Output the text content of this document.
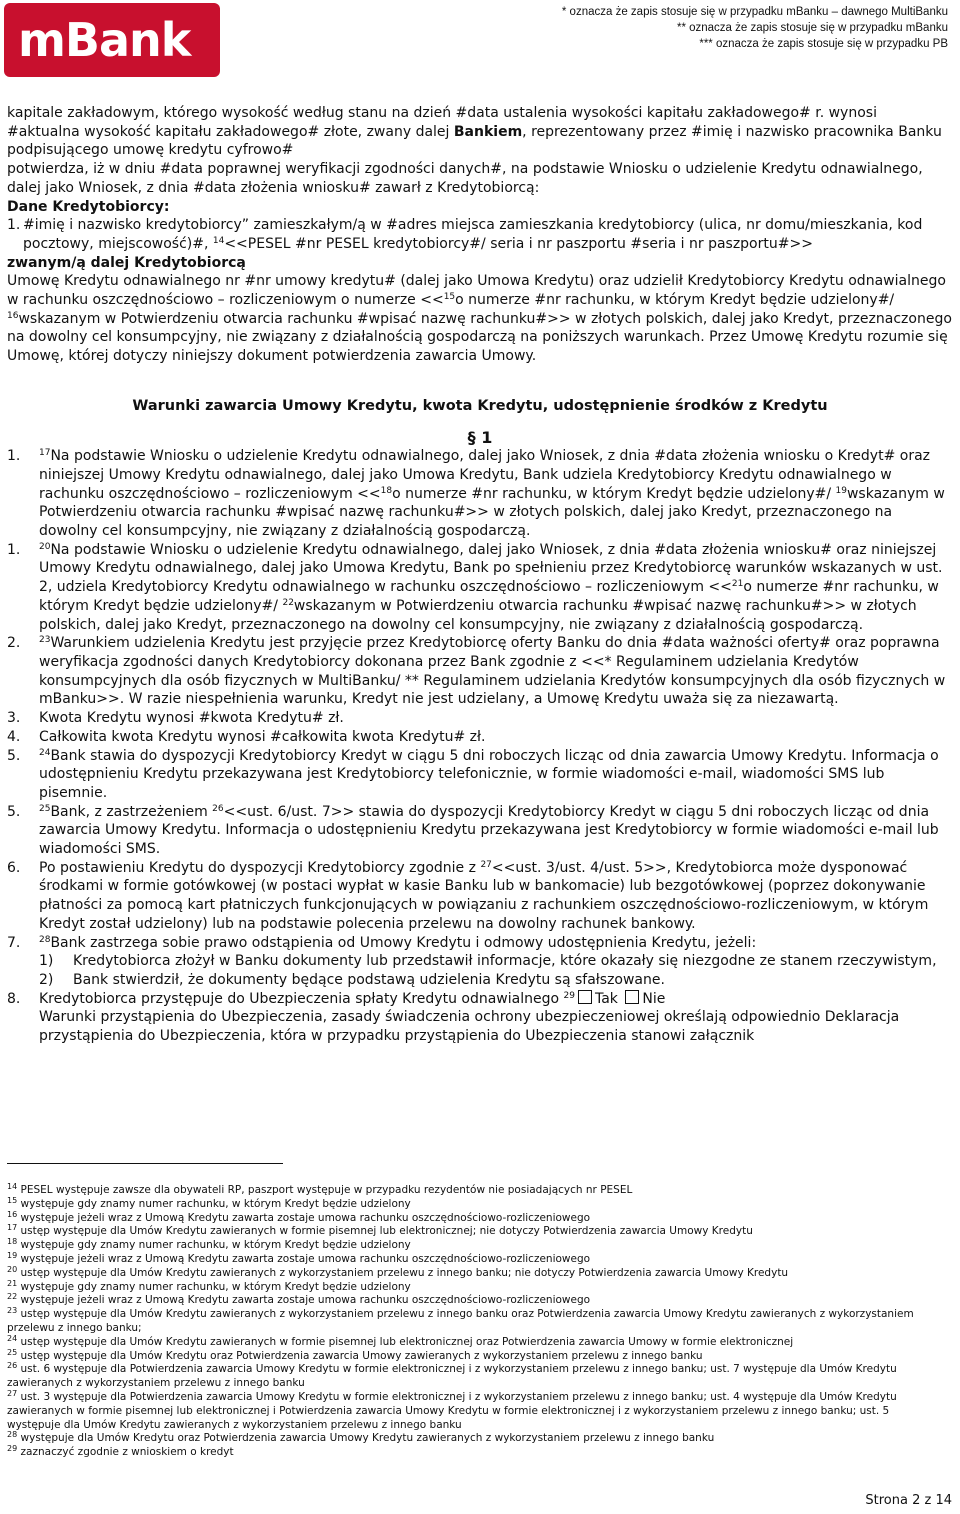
mBank
* oznacza że zapis stosuje się w przypadku mBanku – dawnego MultiBanku
** oznacza że zapis stosuje się w przypadku mBanku
*** oznacza że zapis stosuje się w przypadku PB

kapitale zakładowym, którego wysokość według stanu na dzień #data ustalenia wysokości kapitału zakładowego# r. wynosi #aktualna wysokość kapitału zakładowego# złote, zwany dalej Bankiem, reprezentowany przez #imię i nazwisko pracownika Banku podpisującego umowę kredytu cyfrowo#

potwierdza, iż w dniu #data poprawnej weryfikacji zgodności danych#, na podstawie Wniosku o udzielenie Kredytu odnawialnego, dalej jako Wniosek, z dnia #data złożenia wniosku# zawarł z Kredytobiorcą:

Dane Kredytobiorcy:

1. #imię i nazwisko kredytobiorcy” zamieszkałym/ą w #adres miejsca zamieszkania kredytobiorcy (ulica, nr domu/mieszkania, kod pocztowy, miejscowość)#, $^{14}$<<PESEL #nr PESEL kredytobiorcy#/ seria i nr paszportu #seria i nr paszportu#>>

zwanym/ą dalej Kredytobiorcą

Umowę Kredytu odnawialnego nr #nr umowy kredytu# (dalej jako Umowa Kredytu) oraz udzielił Kredytobiorcy Kredytu odnawialnego w rachunku oszczędnościowo – rozliczeniowym o numerze <<$^{15}$o numerze #nr rachunku, w którym Kredyt będzie udzielony#/ $^{16}$wskazanym w Potwierdzeniu otwarcia rachunku #wpisać nazwę rachunku#>> w złotych polskich, dalej jako Kredyt, przeznaczonego na dowolny cel konsumpcyjny, nie związany z działalnością gospodarczą na poniższych warunkach. Przez Umowę Kredytu rozumie się Umowę, której dotyczy niniejszy dokument potwierdzenia zawarcia Umowy.

Warunki zawarcia Umowy Kredytu, kwota Kredytu, udostępnienie środków z Kredytu

§ 1

1.	$^{17}$Na podstawie Wniosku o udzielenie Kredytu odnawialnego, dalej jako Wniosek, z dnia #data złożenia wniosku o Kredyt# oraz niniejszej Umowy Kredytu odnawialnego, dalej jako Umowa Kredytu, Bank udziela Kredytobiorcy Kredytu odnawialnego w rachunku oszczędnościowo – rozliczeniowym <<$^{18}$o numerze #nr rachunku, w którym Kredyt będzie udzielony#/ $^{19}$wskazanym w Potwierdzeniu otwarcia rachunku #wpisać nazwę rachunku#>> w złotych polskich, dalej jako Kredyt, przeznaczonego na dowolny cel konsumpcyjny, nie związany z działalnością gospodarczą.
1.	$^{20}$Na podstawie Wniosku o udzielenie Kredytu odnawialnego, dalej jako Wniosek, z dnia #data złożenia wniosku# oraz niniejszej Umowy Kredytu odnawialnego, dalej jako Umowa Kredytu, Bank po spełnieniu przez Kredytobiorcę warunków wskazanych w ust. 2, udziela Kredytobiorcy Kredytu odnawialnego w rachunku oszczędnościowo – rozliczeniowym <<$^{21}$o numerze #nr rachunku, w którym Kredyt będzie udzielony#/ $^{22}$wskazanym w Potwierdzeniu otwarcia rachunku #wpisać nazwę rachunku#>> w złotych polskich, dalej jako Kredyt, przeznaczonego na dowolny cel konsumpcyjny, nie związany z działalnością gospodarczą.
2.	$^{23}$Warunkiem udzielenia Kredytu jest przyjęcie przez Kredytobiorcę oferty Banku do dnia #data ważności oferty# oraz poprawna weryfikacja zgodności danych Kredytobiorcy dokonana przez Bank zgodnie z <<* Regulaminem udzielania Kredytów konsumpcyjnych dla osób fizycznych w MultiBanku/ ** Regulaminem udzielania Kredytów konsumpcyjnych dla osób fizycznych w mBanku>>. W razie niespełnienia warunku, Kredyt nie jest udzielany, a Umowę Kredytu uważa się za niezawartą.
3.	Kwota Kredytu wynosi #kwota Kredytu# zł.
4.	Całkowita kwota Kredytu wynosi #całkowita kwota Kredytu# zł.
5.	$^{24}$Bank stawia do dyspozycji Kredytobiorcy Kredyt w ciągu 5 dni roboczych licząc od dnia zawarcia Umowy Kredytu. Informacja o udostępnieniu Kredytu przekazywana jest Kredytobiorcy telefonicznie, w formie wiadomości e-mail, wiadomości SMS lub pisemnie.
5.	$^{25}$Bank, z zastrzeżeniem $^{26}$<<ust. 6/ust. 7>> stawia do dyspozycji Kredytobiorcy Kredyt w ciągu 5 dni roboczych licząc od dnia zawarcia Umowy Kredytu. Informacja o udostępnieniu Kredytu przekazywana jest Kredytobiorcy w formie wiadomości e-mail lub wiadomości SMS.
6.	Po postawieniu Kredytu do dyspozycji Kredytobiorcy zgodnie z $^{27}$<<ust. 3/ust. 4/ust. 5>>, Kredytobiorca może dysponować środkami w formie gotówkowej (w postaci wypłat w kasie Banku lub w bankomacie) lub bezgotówkowej (poprzez dokonywanie płatności za pomocą kart płatniczych funkcjonujących w powiązaniu z rachunkiem oszczędnościowo-rozliczeniowym, w którym Kredyt został udzielony) lub na podstawie polecenia przelewu na dowolny rachunek bankowy.
7.	$^{28}$Bank zastrzega sobie prawo odstąpienia od Umowy Kredytu i odmowy udostępnienia Kredytu, jeżeli:
1)	Kredytobiorca złożył w Banku dokumenty lub przedstawił informacje, które okazały się niezgodne ze stanem rzeczywistym,
2)	Bank stwierdził, że dokumenty będące podstawą udzielenia Kredytu są sfałszowane.
8.	Kredytobiorca przystępuje do Ubezpieczenia spłaty Kredytu odnawialnego $^{29}$ Tak Nie
Warunki przystąpienia do Ubezpieczenia, zasady świadczenia ochrony ubezpieczeniowej określają odpowiednio Deklaracja przystąpienia do Ubezpieczenia, która w przypadku przystąpienia do Ubezpieczenia stanowi załącznik
$^{14}$ PESEL występuje zawsze dla obywateli RP, paszport występuje w przypadku rezydentów nie posiadających nr PESEL
$^{15}$ występuje gdy znamy numer rachunku, w którym Kredyt będzie udzielony
$^{16}$ występuje jeżeli wraz z Umową Kredytu zawarta zostaje umowa rachunku oszczędnościowo-rozliczeniowego
$^{17}$ ustęp występuje dla Umów Kredytu zawieranych w formie pisemnej lub elektronicznej; nie dotyczy Potwierdzenia zawarcia Umowy Kredytu
$^{18}$ występuje gdy znamy numer rachunku, w którym Kredyt będzie udzielony
$^{19}$ występuje jeżeli wraz z Umową Kredytu zawarta zostaje umowa rachunku oszczędnościowo-rozliczeniowego
$^{20}$ ustęp występuje dla Umów Kredytu zawieranych z wykorzystaniem przelewu z innego banku; nie dotyczy Potwierdzenia zawarcia Umowy Kredytu
$^{21}$ występuje gdy znamy numer rachunku, w którym Kredyt będzie udzielony
$^{22}$ występuje jeżeli wraz z Umową Kredytu zawarta zostaje umowa rachunku oszczędnościowo-rozliczeniowego
$^{23}$ ustęp występuje dla Umów Kredytu zawieranych z wykorzystaniem przelewu z innego banku oraz Potwierdzenia zawarcia Umowy Kredytu zawieranych z wykorzystaniem przelewu z innego banku;
$^{24}$ ustęp występuje dla Umów Kredytu zawieranych w formie pisemnej lub elektronicznej oraz Potwierdzenia zawarcia Umowy w formie elektronicznej
$^{25}$ ustęp występuje dla Umów Kredytu oraz Potwierdzenia zawarcia Umowy zawieranych z wykorzystaniem przelewu z innego banku
$^{26}$ ust. 6 występuje dla Potwierdzenia zawarcia Umowy Kredytu w formie elektronicznej i z wykorzystaniem przelewu z innego banku; ust. 7 występuje dla Umów Kredytu zawieranych z wykorzystaniem przelewu z innego banku
$^{27}$ ust. 3 występuje dla Potwierdzenia zawarcia Umowy Kredytu w formie elektronicznej i z wykorzystaniem przelewu z innego banku; ust. 4 występuje dla Umów Kredytu zawieranych w formie pisemnej lub elektronicznej i Potwierdzenia zawarcia Umowy Kredytu w formie elektronicznej i z wykorzystaniem przelewu z innego banku; ust. 5 występuje dla Umów Kredytu zawieranych z wykorzystaniem przelewu z innego banku
$^{28}$ występuje dla Umów Kredytu oraz Potwierdzenia zawarcia Umowy Kredytu zawieranych z wykorzystaniem przelewu z innego banku
$^{29}$ zaznaczyć zgodnie z wnioskiem o kredyt
Strona 2 z 14
